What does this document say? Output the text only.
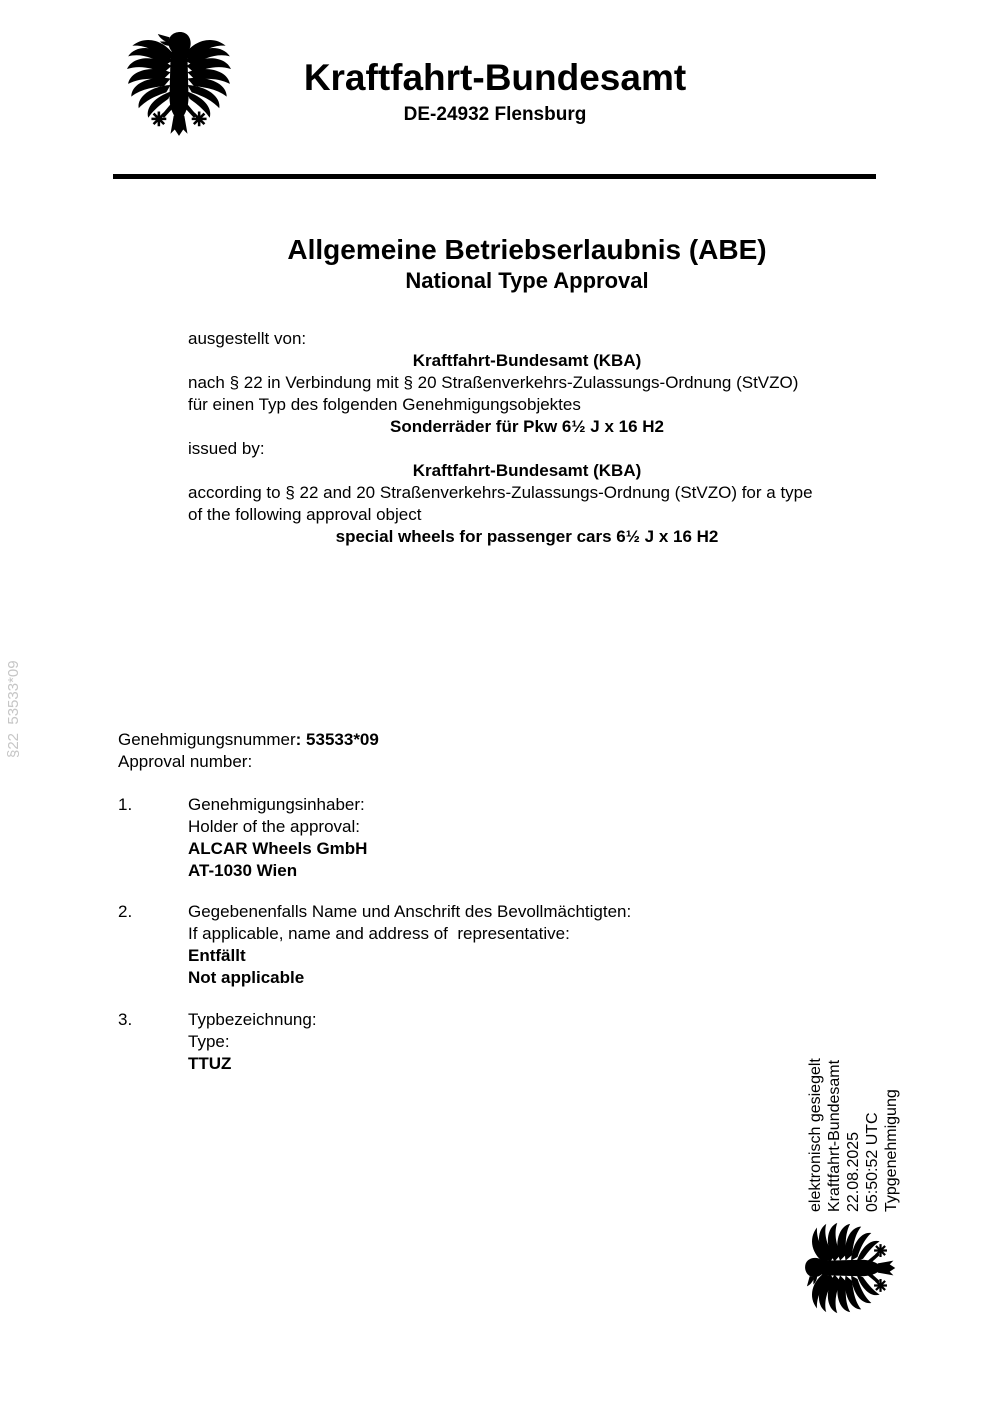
§22  53533*09
Kraftfahrt-Bundesamt
DE-24932 Flensburg
Allgemeine Betriebserlaubnis (ABE)
National Type Approval
ausgestellt von:
Kraftfahrt-Bundesamt (KBA)
nach § 22 in Verbindung mit § 20 Straßenverkehrs-Zulassungs-Ordnung (StVZO)
für einen Typ des folgenden Genehmigungsobjektes
Sonderräder für Pkw 6½ J x 16 H2
issued by:
Kraftfahrt-Bundesamt (KBA)
according to § 22 and 20 Straßenverkehrs-Zulassungs-Ordnung (StVZO) for a type
of the following approval object
special wheels for passenger cars 6½ J x 16 H2
Genehmigungsnummer: 53533*09
Approval number:
1.	Genehmigungsinhaber:
Holder of the approval:
ALCAR Wheels GmbH
AT-1030 Wien
2.	Gegebenenfalls Name und Anschrift des Bevollmächtigten:
If applicable, name and address of  representative:
Entfällt
Not applicable
3.	Typbezeichnung:
Type:
TTUZ	elektronisch gesiegelt Kraftfahrt-Bundesamt 22.08.2025 05:50:52 UTC Typgenehmigung
